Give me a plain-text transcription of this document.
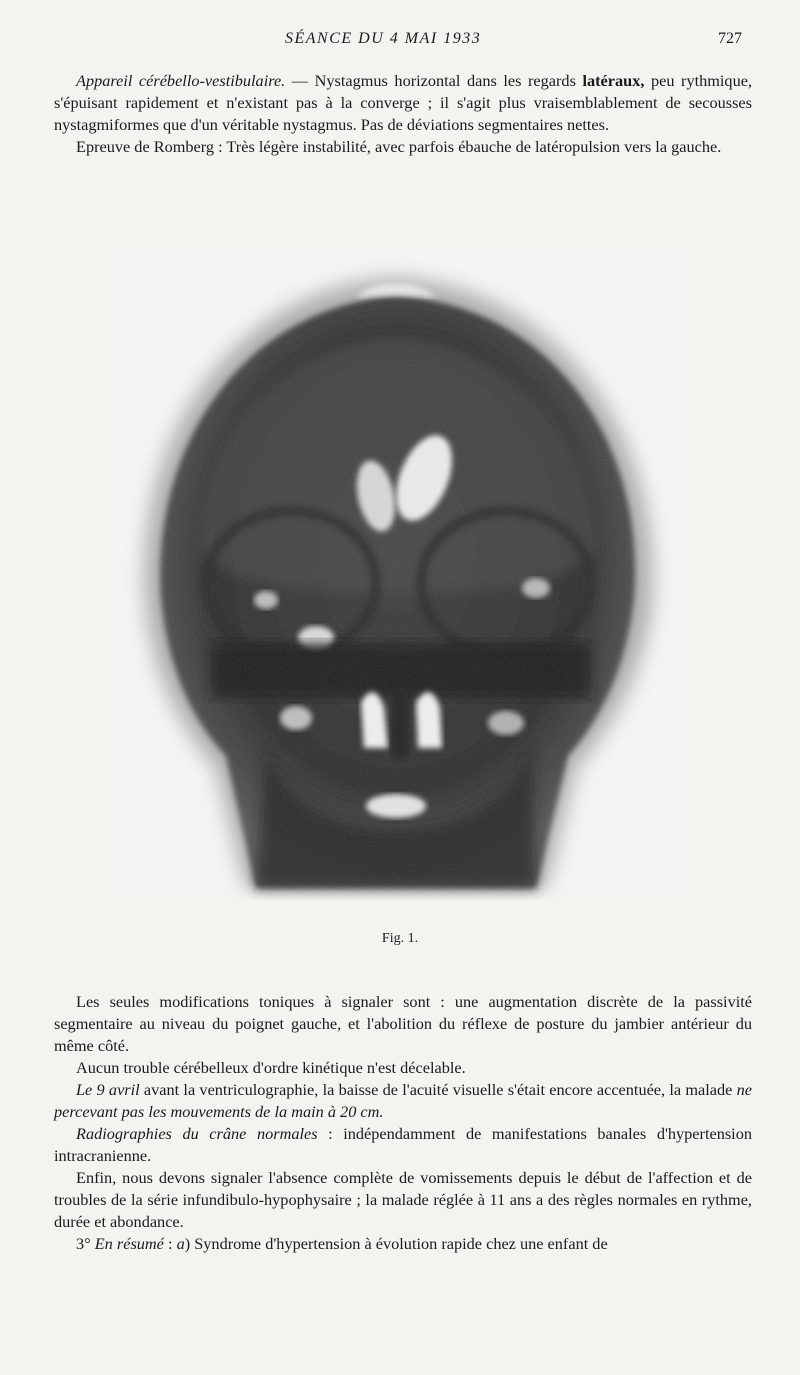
SÉANCE DU 4 MAI 1933	727

Appareil cérébello-vestibulaire. — Nystagmus horizontal dans les regards latéraux, peu rythmique, s'épuisant rapidement et n'existant pas à la converge ; il s'agit plus vraisemblablement de secousses nystagmiformes que d'un véritable nystagmus. Pas de déviations segmentaires nettes.

Epreuve de Romberg : Très légère instabilité, avec parfois ébauche de latéropulsion vers la gauche.

Fig. 1.

Les seules modifications toniques à signaler sont : une augmentation discrète de la passivité segmentaire au niveau du poignet gauche, et l'abolition du réflexe de posture du jambier antérieur du même côté.

Aucun trouble cérébelleux d'ordre kinétique n'est décelable.

Le 9 avril avant la ventriculographie, la baisse de l'acuité visuelle s'était encore accentuée, la malade ne percevant pas les mouvements de la main à 20 cm.

Radiographies du crâne normales : indépendamment de manifestations banales d'hypertension intracranienne.

Enfin, nous devons signaler l'absence complète de vomissements depuis le début de l'affection et de troubles de la série infundibulo-hypophysaire ; la malade réglée à 11 ans a des règles normales en rythme, durée et abondance.

3° En résumé : a) Syndrome d'hypertension à évolution rapide chez une enfant de
